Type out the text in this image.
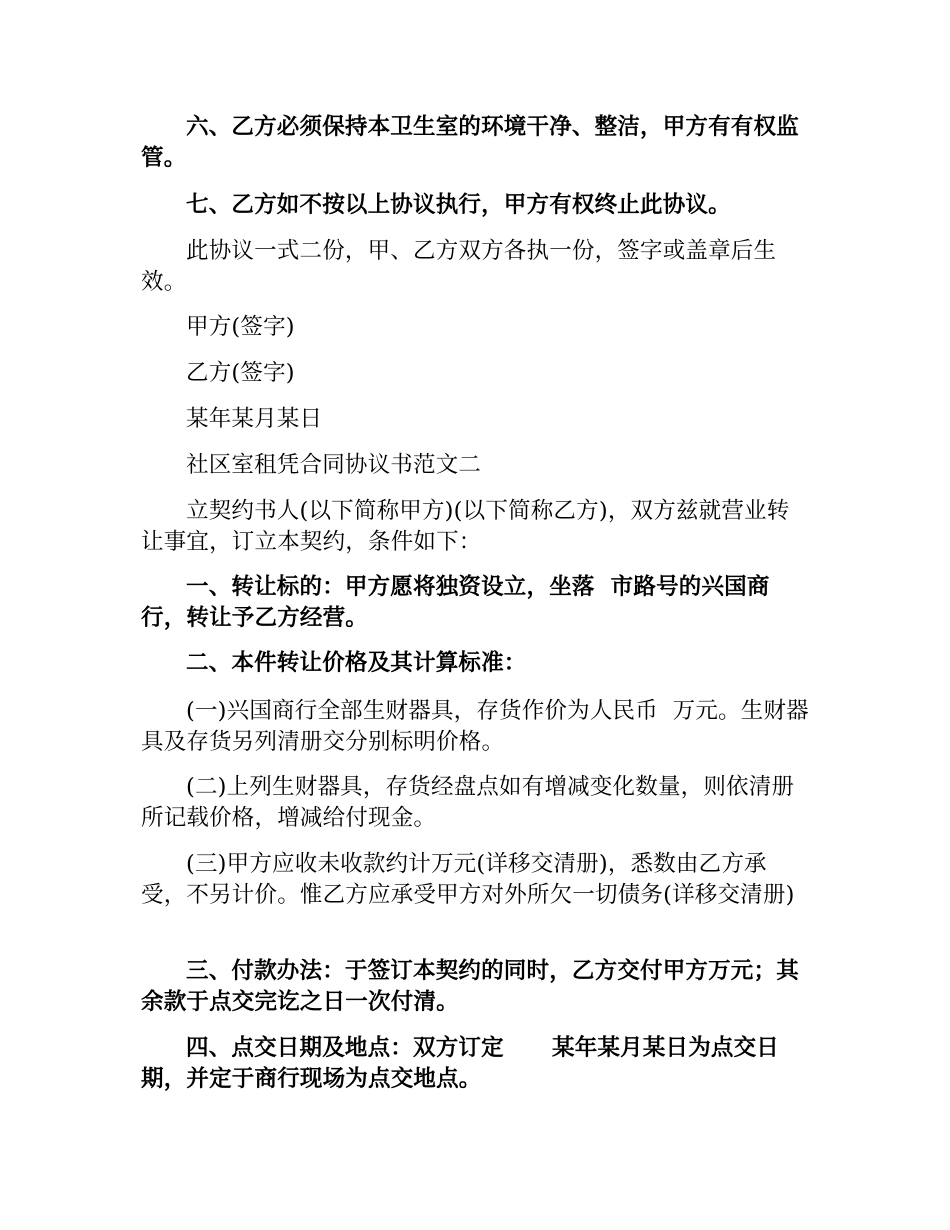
六、乙方必须保持本卫生室的环境干净、整洁，甲方有有权监管。

七、乙方如不按以上协议执行，甲方有权终止此协议。

此协议一式二份，甲、乙方双方各执一份，签字或盖章后生效。

甲方(签字)

乙方(签字)

某年某月某日

社区室租凭合同协议书范文二

立契约书人(以下简称甲方)(以下简称乙方)，双方兹就营业转让事宜，订立本契约，条件如下：

一、转让标的：甲方愿将独资设立，坐落  市路号的兴国商行，转让予乙方经营。

二、本件转让价格及其计算标准：

(一)兴国商行全部生财器具，存货作价为人民币  万元。生财器具及存货另列清册交分别标明价格。

(二)上列生财器具，存货经盘点如有增减变化数量，则依清册所记载价格，增减给付现金。

(三)甲方应收未收款约计万元(详移交清册)，悉数由乙方承受，不另计价。惟乙方应承受甲方对外所欠一切债务(详移交清册)

三、付款办法：于签订本契约的同时，乙方交付甲方万元；其余款于点交完讫之日一次付清。

四、点交日期及地点：双方订定      某年某月某日为点交日期，并定于商行现场为点交地点。
